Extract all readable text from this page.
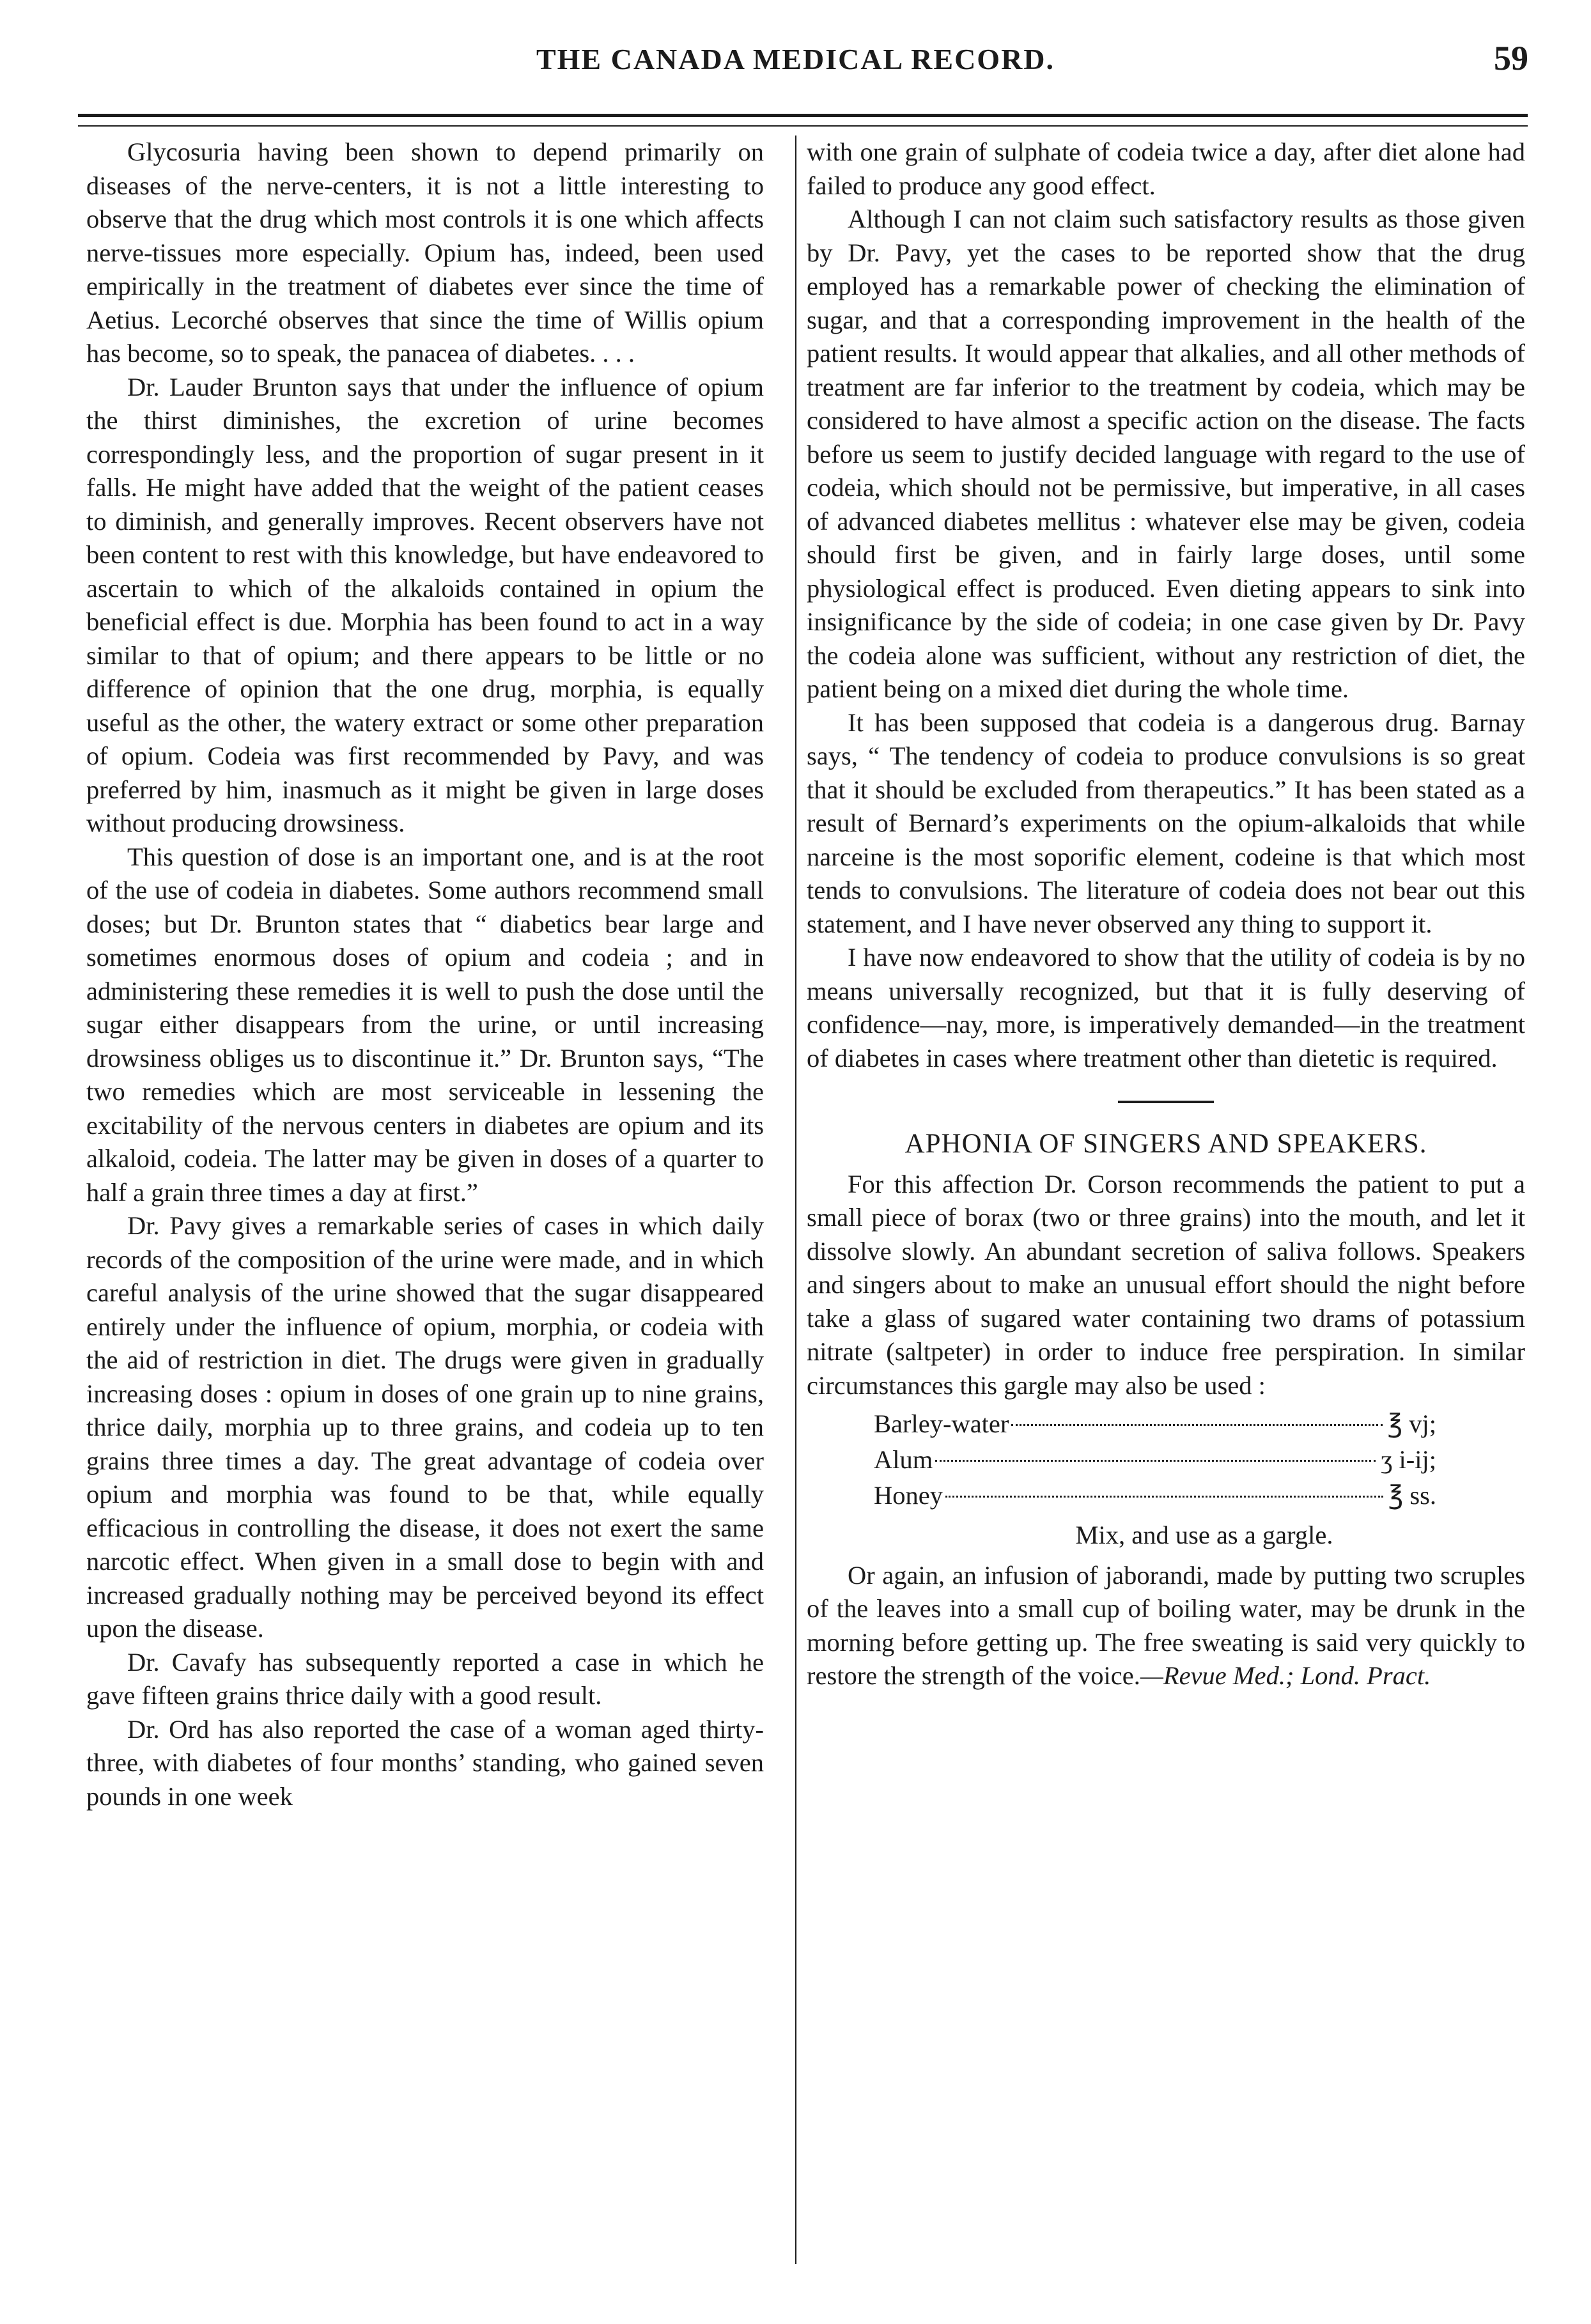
THE CANADA MEDICAL RECORD.	59

Glycosuria having been shown to depend primarily on diseases of the nerve-centers, it is not a little interesting to observe that the drug which most controls it is one which affects nerve-tissues more especially. Opium has, indeed, been used empirically in the treatment of diabetes ever since the time of Aetius. Lecorché observes that since the time of Willis opium has become, so to speak, the panacea of diabetes. . . .

Dr. Lauder Brunton says that under the influence of opium the thirst diminishes, the excretion of urine becomes correspondingly less, and the proportion of sugar present in it falls. He might have added that the weight of the patient ceases to diminish, and generally improves. Recent observers have not been content to rest with this knowledge, but have endeavored to ascertain to which of the alkaloids contained in opium the beneficial effect is due. Morphia has been found to act in a way similar to that of opium; and there appears to be little or no difference of opinion that the one drug, morphia, is equally useful as the other, the watery extract or some other preparation of opium. Codeia was first recommended by Pavy, and was preferred by him, inasmuch as it might be given in large doses without producing drowsiness.

This question of dose is an important one, and is at the root of the use of codeia in diabetes. Some authors recommend small doses; but Dr. Brunton states that “ diabetics bear large and sometimes enormous doses of opium and codeia ; and in administering these remedies it is well to push the dose until the sugar either disappears from the urine, or until increasing drowsiness obliges us to discontinue it.” Dr. Brunton says, “The two remedies which are most serviceable in lessening the excitability of the nervous centers in diabetes are opium and its alkaloid, codeia. The latter may be given in doses of a quarter to half a grain three times a day at first.”

Dr. Pavy gives a remarkable series of cases in which daily records of the composition of the urine were made, and in which careful analysis of the urine showed that the sugar disappeared entirely under the influence of opium, morphia, or codeia with the aid of restriction in diet. The drugs were given in gradually increasing doses : opium in doses of one grain up to nine grains, thrice daily, morphia up to three grains, and codeia up to ten grains three times a day. The great advantage of codeia over opium and morphia was found to be that, while equally efficacious in controlling the disease, it does not exert the same narcotic effect. When given in a small dose to begin with and increased gradually nothing may be perceived beyond its effect upon the disease.

Dr. Cavafy has subsequently reported a case in which he gave fifteen grains thrice daily with a good result.

Dr. Ord has also reported the case of a woman aged thirty-three, with diabetes of four months’ standing, who gained seven pounds in one week

with one grain of sulphate of codeia twice a day, after diet alone had failed to produce any good effect.

Although I can not claim such satisfactory results as those given by Dr. Pavy, yet the cases to be reported show that the drug employed has a remarkable power of checking the elimination of sugar, and that a corresponding improvement in the health of the patient results. It would appear that alkalies, and all other methods of treatment are far inferior to the treatment by codeia, which may be considered to have almost a specific action on the disease. The facts before us seem to justify decided language with regard to the use of codeia, which should not be permissive, but imperative, in all cases of advanced diabetes mellitus : whatever else may be given, codeia should first be given, and in fairly large doses, until some physiological effect is produced. Even dieting appears to sink into insignificance by the side of codeia; in one case given by Dr. Pavy the codeia alone was sufficient, without any restriction of diet, the patient being on a mixed diet during the whole time.

It has been supposed that codeia is a dangerous drug. Barnay says, “ The tendency of codeia to produce convulsions is so great that it should be excluded from therapeutics.” It has been stated as a result of Bernard’s experiments on the opium-alkaloids that while narceine is the most soporific element, codeine is that which most tends to convulsions. The literature of codeia does not bear out this statement, and I have never observed any thing to support it.

I have now endeavored to show that the utility of codeia is by no means universally recognized, but that it is fully deserving of confidence—nay, more, is imperatively demanded—in the treatment of diabetes in cases where treatment other than dietetic is required.

APHONIA OF SINGERS AND SPEAKERS.

For this affection Dr. Corson recommends the patient to put a small piece of borax (two or three grains) into the mouth, and let it dissolve slowly. An abundant secretion of saliva follows. Speakers and singers about to make an unusual effort should the night before take a glass of sugared water containing two drams of potassium nitrate (saltpeter) in order to induce free perspiration. In similar circumstances this gargle may also be used :

Barley-water	℥ vj;
Alum	ʒ i-ij;
Honey	℥ ss.

Mix, and use as a gargle.

Or again, an infusion of jaborandi, made by putting two scruples of the leaves into a small cup of boiling water, may be drunk in the morning before getting up. The free sweating is said very quickly to restore the strength of the voice.—Revue Med.; Lond. Pract.
